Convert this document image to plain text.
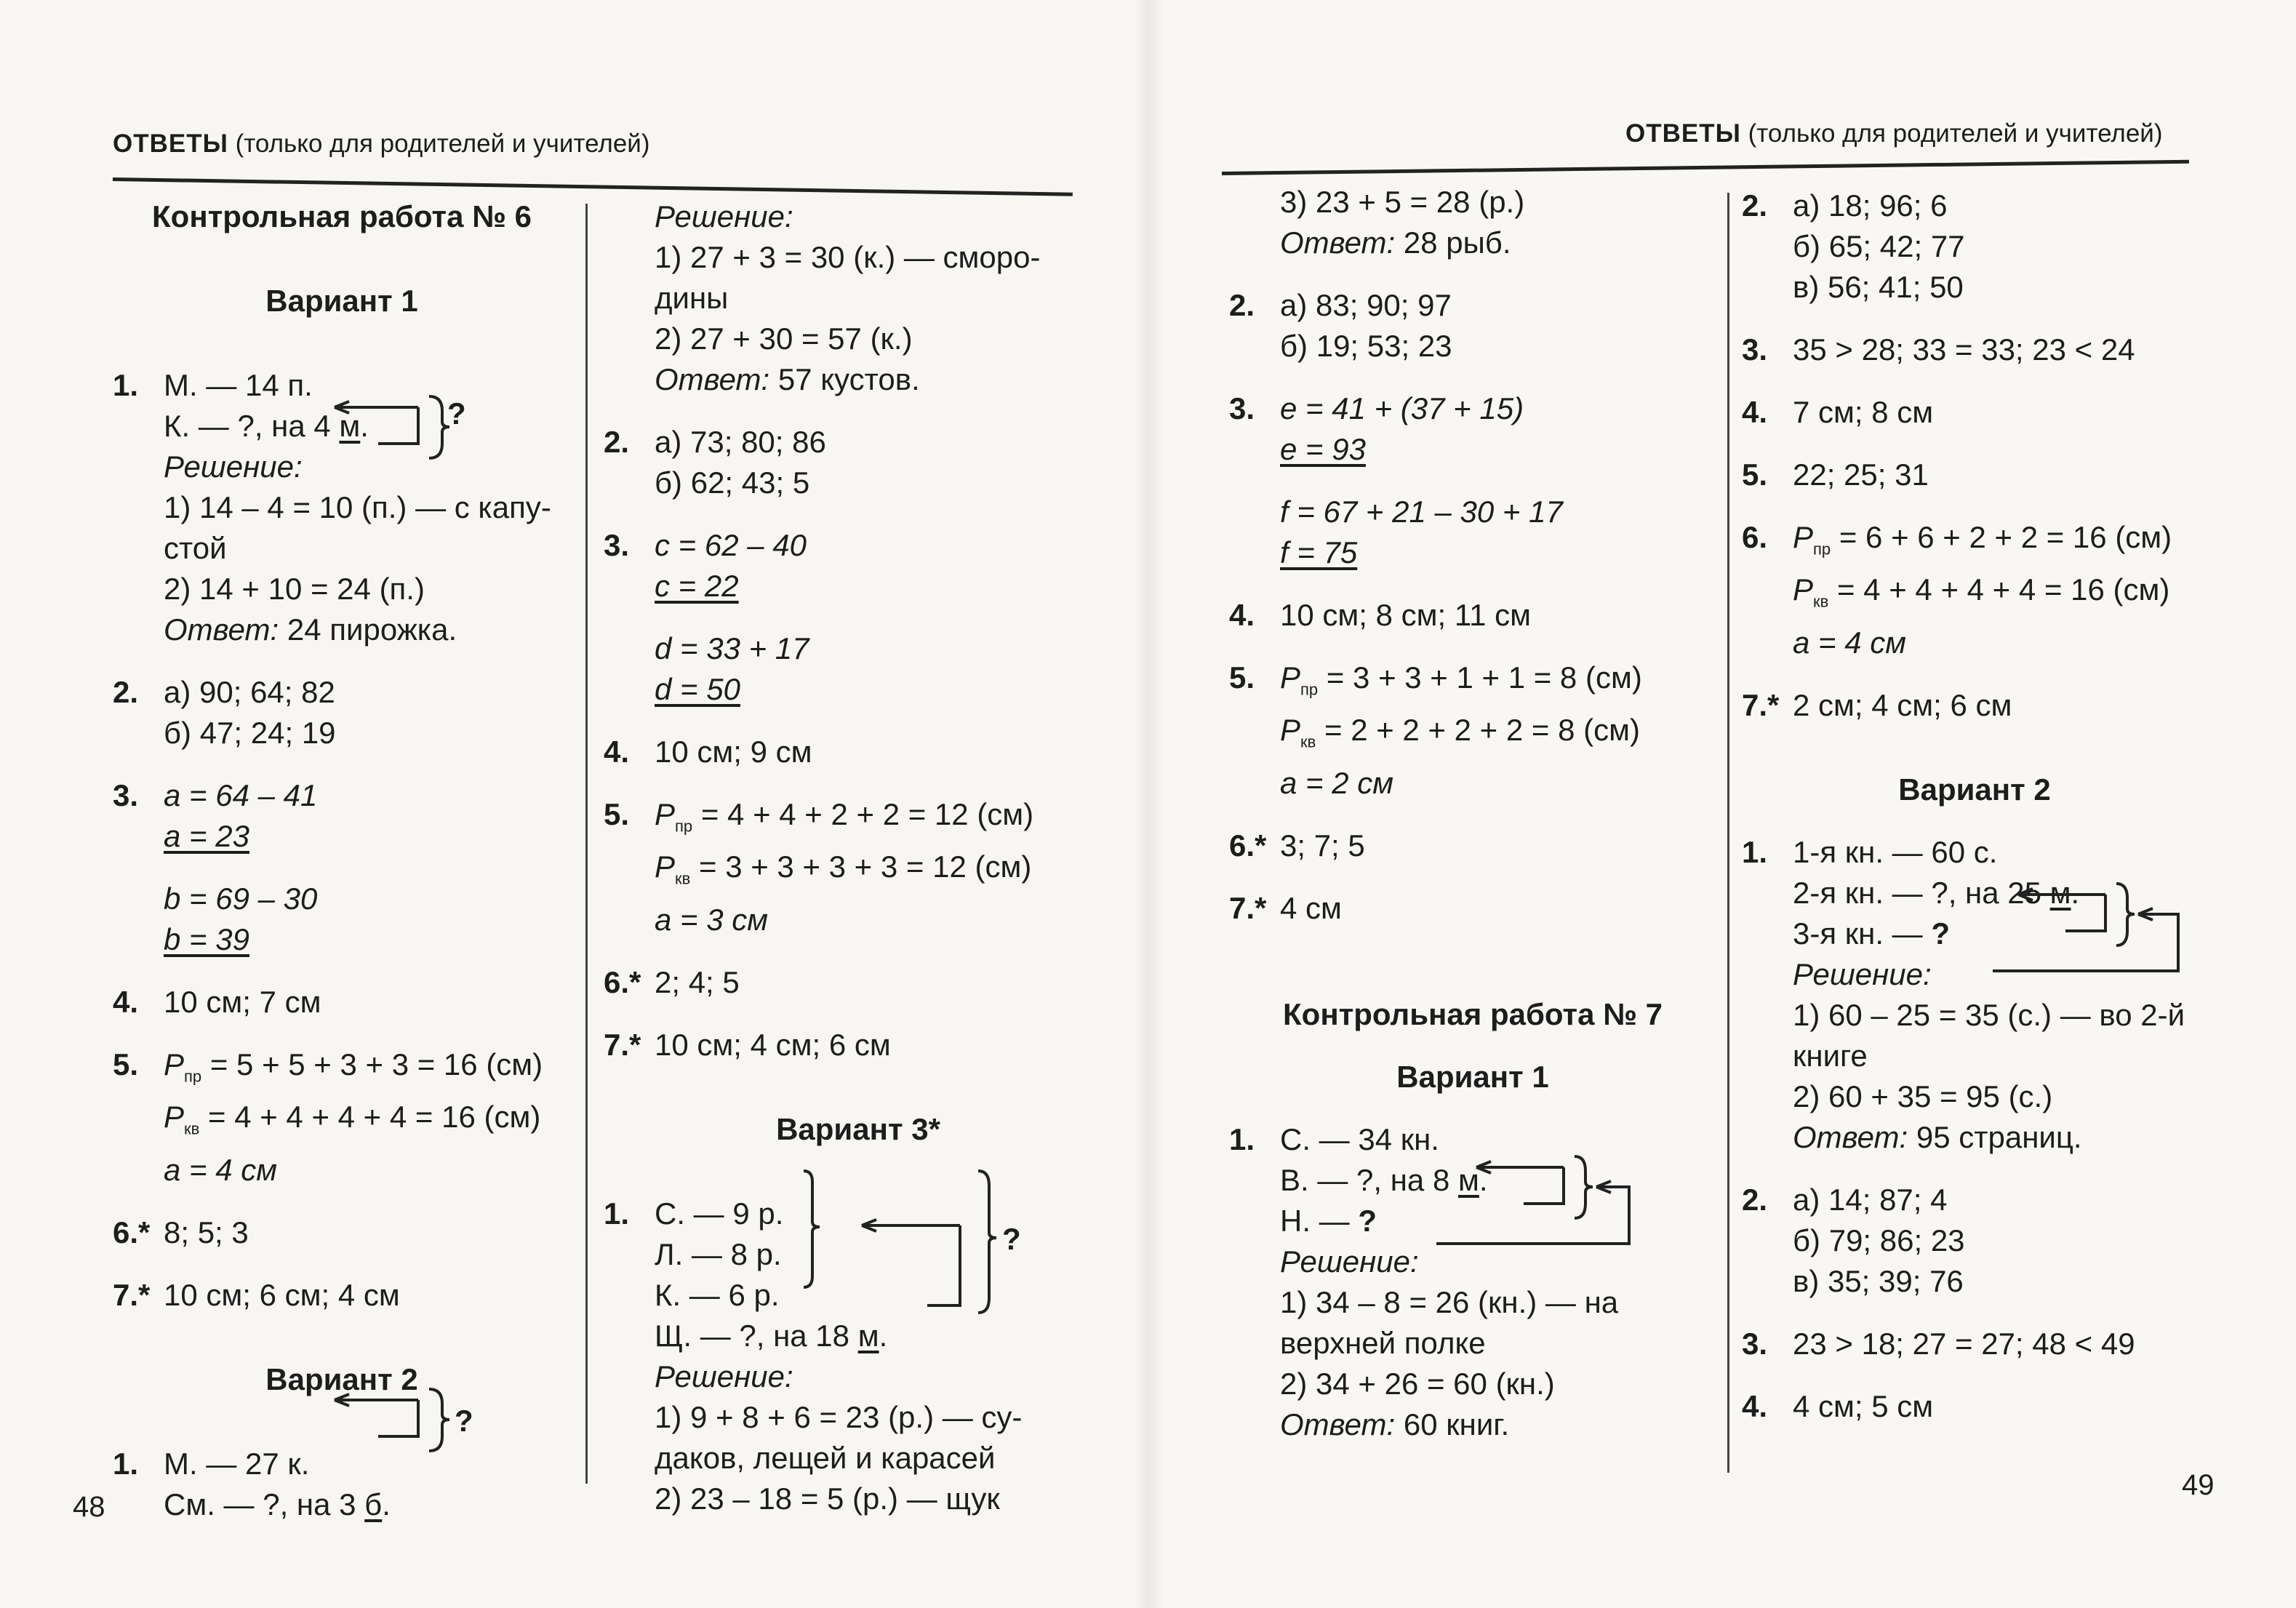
ОТВЕТЫ (только для родителей и учителей)	ОТВЕТЫ (только для родителей и учителей)
Контрольная работа № 6
Вариант 1
1. М. — 14 п.
К. — ?, на 4 м.
Решение:
1) 14 – 4 = 10 (п.) — с капу-
стой
2) 14 + 10 = 24 (п.)
Ответ: 24 пирожка.
2. а) 90; 64; 82
б) 47; 24; 19
3. a = 64 – 41
a = 23
b = 69 – 30
b = 39
4. 10 см; 7 см
5. $P_{пр} = 5 + 5 + 3 + 3 = 16$ (см)
$P_{кв} = 4 + 4 + 4 + 4 = 16$ (см)
a = 4 см
6.* 8; 5; 3
7.* 10 см; 6 см; 4 см
Вариант 2
1. М. — 27 к.
См. — ?, на 3 б.
?
?
Решение:
1) 27 + 3 = 30 (к.) — сморо-
дины
2) 27 + 30 = 57 (к.)
Ответ: 57 кустов.
2. а) 73; 80; 86
б) 62; 43; 5
3. c = 62 – 40
c = 22
d = 33 + 17
d = 50
4. 10 см; 9 см
5. $P_{пр} = 4 + 4 + 2 + 2 = 12$ (см)
$P_{кв} = 3 + 3 + 3 + 3 = 12$ (см)
a = 3 см
6.* 2; 4; 5
7.* 10 см; 4 см; 6 см
Вариант 3*
1. С. — 9 р.
Л. — 8 р.
К. — 6 р.
Щ. — ?, на 18 м.
Решение:
1) 9 + 8 + 6 = 23 (р.) — су-
даков, лещей и карасей
2) 23 – 18 = 5 (р.) — щук
?
3) 23 + 5 = 28 (р.)
Ответ: 28 рыб.
2. а) 83; 90; 97
б) 19; 53; 23
3. e = 41 + (37 + 15)
e = 93
f = 67 + 21 – 30 + 17
f = 75
4. 10 см; 8 см; 11 см
5. $P_{пр} = 3 + 3 + 1 + 1 = 8$ (см)
$P_{кв} = 2 + 2 + 2 + 2 = 8$ (см)
a = 2 см
6.* 3; 7; 5
7.* 4 см
Контрольная работа № 7
Вариант 1
1. С. — 34 кн.
В. — ?, на 8 м.
Н. — ?
Решение:
1) 34 – 8 = 26 (кн.) — на
верхней полке
2) 34 + 26 = 60 (кн.)
Ответ: 60 книг.
2. а) 18; 96; 6
б) 65; 42; 77
в) 56; 41; 50
3. 35 > 28; 33 = 33; 23 < 24
4. 7 см; 8 см
5. 22; 25; 31
6. $P_{пр} = 6 + 6 + 2 + 2 = 16$ (см)
$P_{кв} = 4 + 4 + 4 + 4 = 16$ (см)
a = 4 см
7.* 2 см; 4 см; 6 см
Вариант 2
1. 1-я кн. — 60 с.
2-я кн. — ?, на 25 м.
3-я кн. — ?
Решение:
1) 60 – 25 = 35 (с.) — во 2-й
книге
2) 60 + 35 = 95 (с.)
Ответ: 95 страниц.
2. а) 14; 87; 4
б) 79; 86; 23
в) 35; 39; 76
3. 23 > 18; 27 = 27; 48 < 49
4. 4 см; 5 см
48
49
